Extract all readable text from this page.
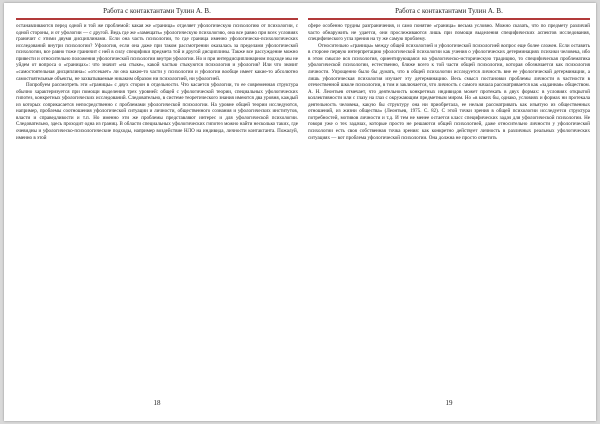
Работа с контактантами Тулин А. В.

останавливаются перед одной и той же проблемой: какая же «граница» отделяет уфологическую психологию от психологии, с одной стороны, и от уфологии — с другой. Ведь где же «замещать» уфологическую психологию, она все равно при всех условиях граничит с этими двумя дисциплинами. Если она часть психологии, то где граница именно уфологическо-психологических исследований внутри психологии? Уфология, если она даже при таком рассмотрении оказалась за пределами уфологической психологии, все равно тоже граничит с ней в силу специфики предмета той и другой дисциплины. Также все рассуждение можно привести и относительно положения уфологической психологии внутри уфологии. Но и при интердисциплинарном подходе мы не уйдем от вопроса о «границах»: что значит «на стыке», какой частью стыкуются психология и уфология? Или что значит «самостоятельная дисциплина»: «отсекает» ли она какие-то части у психологии и уфологии вообще имеет какие-то абсолютно самостоятельные объекты, не захватываемые никаким образом ни психологией, ни уфологией.

Попробуем рассмотреть эти «границы» с двух сторон в отдельности. Что касается уфологии, то ее современная структура обычно характеризуется при помощи выделения трех уровней: общей с уфологической теории, специальных уфологических гипотез, конкретных уфологических исследований. Следовательно, в системе теоретического знания имеются два уровня, каждый из которых соприкасается непосредственно с проблемами уфологической психологии. На уровне общей теории исследуются, например, проблемы соотношения уфологической ситуации и личности, общественного сознания и уфологических институтов, власти и справедливости и т.п. Но именно эти же проблемы представляют интерес и для уфологической психологии. Следовательно, здесь проходит одна из границ. В области специальных уфологических гипотез можно найти несколько таких, где очевидны и уфологическо-психологические подходы, например воздействие НЛО на индивида, личности контактанта. Пожалуй, именно в этой

18
Работа с контактантами Тулин А. В.

сфере особенно трудны разграничения, и само понятие «граница» весьма условно. Можно сказать, что по предмету различий часто обнаружить не удается, они прослеживаются лишь при помощи выделения специфических аспектов исследования, специфического угла зрения на ту же самую проблему.

Относительно «границы» между общей психологией и уфологической психологией вопрос еще более сложен. Если оставить в стороне первую интерпретацию уфологической психологии как учения о уфологических детерминациях психики человека, ибо в этом смысле вся психология, ориентирующаяся на уфологическо-историческую традицию, то специфическая проблематика уфологической психологии, естественно, ближе всего к той части общей психологии, которая обозначается как психология личности. Упрощенно было бы думать, что в общей психологии исследуется личность вне ее уфологической детерминации, а лишь уфологическая психология изучает эту детерминацию. Весь смысл постановки проблемы личности в частности в отечественной школе психологии, в том и заключается, что личность с самого начала рассматривается как «заданная» обществом. А. Н. Леонтьев отмечает, что деятельность конкретных индивидов может протекать в двух формах: в условиях открытой коллективности или с глазу на глаз с окружающим предметным миром. Но «в каких бы, однако, условиях и формах ни протекала деятельность человека, какую бы структуру она ни приобретала, ее нельзя рассматривать как изъятую из общественных отношений, из жизни общества» (Леонтьев, 1975. С. 82). С этой точки зрения в общей психологии исследуется структура потребностей, мотивов личности и т.д. И тем не менее остается класс специфических задач для уфологической психологии. Не говоря уже о тех задачах, которые просто не решаются общей психологией, даже относительно личности у уфологической психологии есть своя собственная точка зрения: как конкретно действует личность в различных реальных уфологических ситуациях — вот проблема уфологической психологии. Она должна не просто ответить

19
